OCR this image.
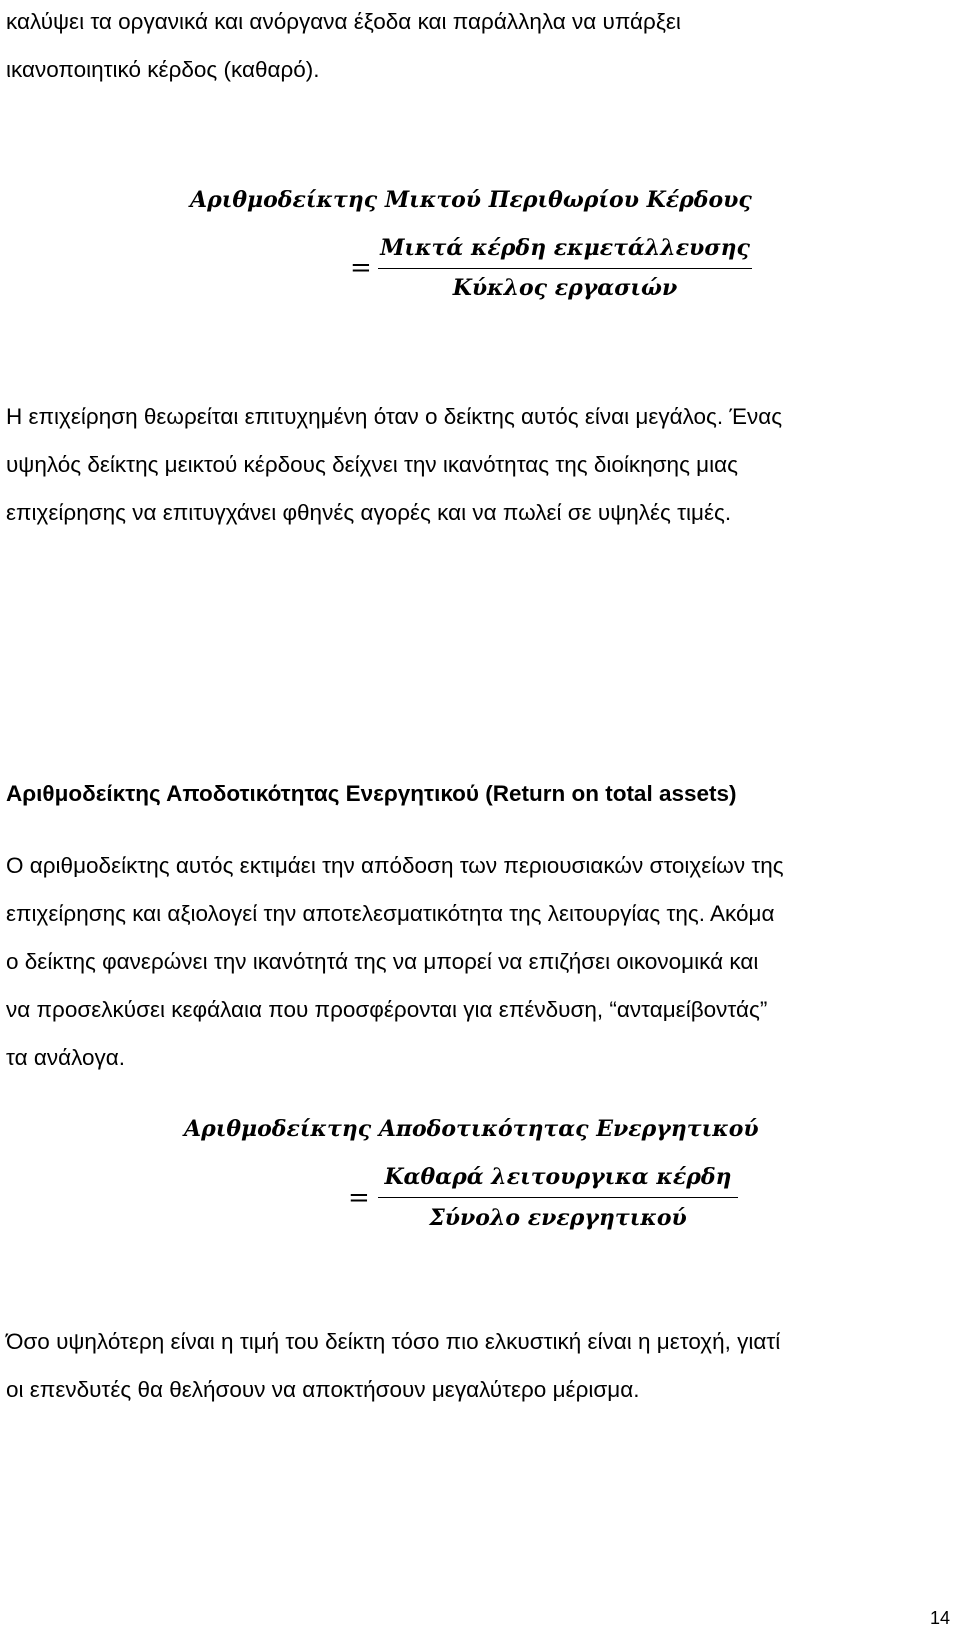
καλύψει τα οργανικά και ανόργανα έξοδα και παράλληλα να υπάρξει
ικανοποιητικό κέρδος (καθαρό).
Αριθμοδείκτης Μικτού Περιθωρίου Κέρδους
=
Μικτά κέρδη εκμετάλλευσης
Κύκλος εργασιών
Η επιχείρηση θεωρείται επιτυχημένη όταν ο δείκτης αυτός είναι μεγάλος. Ένας
υψηλός δείκτης μεικτού κέρδους δείχνει την ικανότητας της διοίκησης μιας
επιχείρησης να επιτυγχάνει φθηνές αγορές και να πωλεί σε υψηλές τιμές.
Αριθμοδείκτης Αποδοτικότητας Ενεργητικού (Return on total assets)
Ο αριθμοδείκτης αυτός εκτιμάει την απόδοση των περιουσιακών στοιχείων της
επιχείρησης και αξιολογεί την αποτελεσματικότητα της λειτουργίας της. Ακόμα
ο δείκτης φανερώνει την ικανότητά της να μπορεί να επιζήσει οικονομικά και
να προσελκύσει κεφάλαια που προσφέρονται για επένδυση, “ανταμείβοντάς”
τα ανάλογα.
Αριθμοδείκτης Αποδοτικότητας Ενεργητικού
=
Καθαρά λειτουργικα κέρδη
Σύνολο ενεργητικού
Όσο υψηλότερη είναι η τιμή του δείκτη τόσο πιο ελκυστική είναι η μετοχή, γιατί
οι επενδυτές θα θελήσουν να αποκτήσουν μεγαλύτερο μέρισμα.
14
